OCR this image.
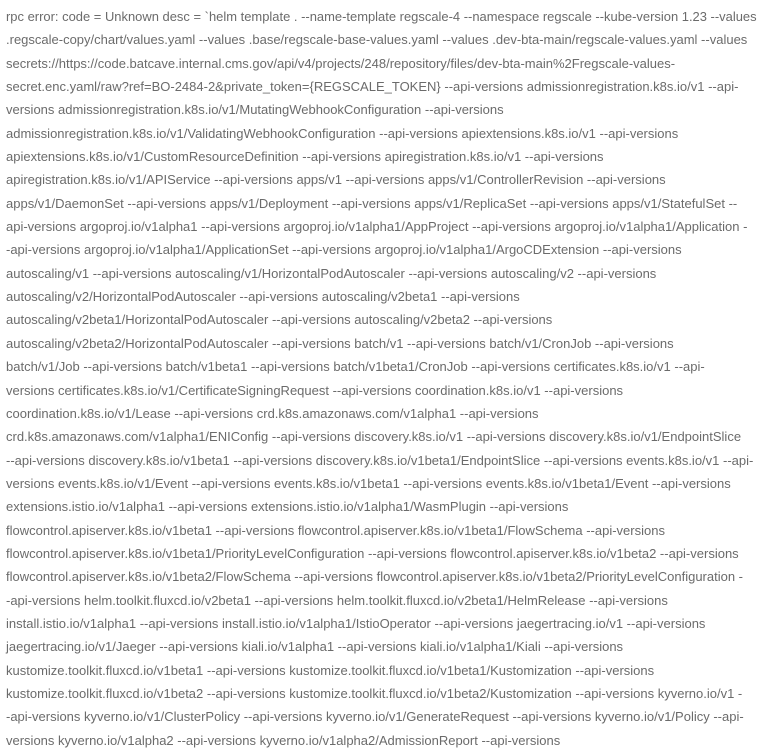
rpc error: code = Unknown desc = `helm template . --name-template regscale-4 --namespace regscale --kube-version 1.23 --values
.regscale-copy/chart/values.yaml --values .base/regscale-base-values.yaml --values .dev-bta-main/regscale-values.yaml --values
secrets://https://code.batcave.internal.cms.gov/api/v4/projects/248/repository/files/dev-bta-main%2Fregscale-values-
secret.enc.yaml/raw?ref=BO-2484-2&private_token={REGSCALE_TOKEN} --api-versions admissionregistration.k8s.io/v1 --api-
versions admissionregistration.k8s.io/v1/MutatingWebhookConfiguration --api-versions
admissionregistration.k8s.io/v1/ValidatingWebhookConfiguration --api-versions apiextensions.k8s.io/v1 --api-versions
apiextensions.k8s.io/v1/CustomResourceDefinition --api-versions apiregistration.k8s.io/v1 --api-versions
apiregistration.k8s.io/v1/APIService --api-versions apps/v1 --api-versions apps/v1/ControllerRevision --api-versions
apps/v1/DaemonSet --api-versions apps/v1/Deployment --api-versions apps/v1/ReplicaSet --api-versions apps/v1/StatefulSet --
api-versions argoproj.io/v1alpha1 --api-versions argoproj.io/v1alpha1/AppProject --api-versions argoproj.io/v1alpha1/Application -
-api-versions argoproj.io/v1alpha1/ApplicationSet --api-versions argoproj.io/v1alpha1/ArgoCDExtension --api-versions
autoscaling/v1 --api-versions autoscaling/v1/HorizontalPodAutoscaler --api-versions autoscaling/v2 --api-versions
autoscaling/v2/HorizontalPodAutoscaler --api-versions autoscaling/v2beta1 --api-versions
autoscaling/v2beta1/HorizontalPodAutoscaler --api-versions autoscaling/v2beta2 --api-versions
autoscaling/v2beta2/HorizontalPodAutoscaler --api-versions batch/v1 --api-versions batch/v1/CronJob --api-versions
batch/v1/Job --api-versions batch/v1beta1 --api-versions batch/v1beta1/CronJob --api-versions certificates.k8s.io/v1 --api-
versions certificates.k8s.io/v1/CertificateSigningRequest --api-versions coordination.k8s.io/v1 --api-versions
coordination.k8s.io/v1/Lease --api-versions crd.k8s.amazonaws.com/v1alpha1 --api-versions
crd.k8s.amazonaws.com/v1alpha1/ENIConfig --api-versions discovery.k8s.io/v1 --api-versions discovery.k8s.io/v1/EndpointSlice
--api-versions discovery.k8s.io/v1beta1 --api-versions discovery.k8s.io/v1beta1/EndpointSlice --api-versions events.k8s.io/v1 --api-
versions events.k8s.io/v1/Event --api-versions events.k8s.io/v1beta1 --api-versions events.k8s.io/v1beta1/Event --api-versions
extensions.istio.io/v1alpha1 --api-versions extensions.istio.io/v1alpha1/WasmPlugin --api-versions
flowcontrol.apiserver.k8s.io/v1beta1 --api-versions flowcontrol.apiserver.k8s.io/v1beta1/FlowSchema --api-versions
flowcontrol.apiserver.k8s.io/v1beta1/PriorityLevelConfiguration --api-versions flowcontrol.apiserver.k8s.io/v1beta2 --api-versions
flowcontrol.apiserver.k8s.io/v1beta2/FlowSchema --api-versions flowcontrol.apiserver.k8s.io/v1beta2/PriorityLevelConfiguration -
-api-versions helm.toolkit.fluxcd.io/v2beta1 --api-versions helm.toolkit.fluxcd.io/v2beta1/HelmRelease --api-versions
install.istio.io/v1alpha1 --api-versions install.istio.io/v1alpha1/IstioOperator --api-versions jaegertracing.io/v1 --api-versions
jaegertracing.io/v1/Jaeger --api-versions kiali.io/v1alpha1 --api-versions kiali.io/v1alpha1/Kiali --api-versions
kustomize.toolkit.fluxcd.io/v1beta1 --api-versions kustomize.toolkit.fluxcd.io/v1beta1/Kustomization --api-versions
kustomize.toolkit.fluxcd.io/v1beta2 --api-versions kustomize.toolkit.fluxcd.io/v1beta2/Kustomization --api-versions kyverno.io/v1 -
-api-versions kyverno.io/v1/ClusterPolicy --api-versions kyverno.io/v1/GenerateRequest --api-versions kyverno.io/v1/Policy --api-
versions kyverno.io/v1alpha2 --api-versions kyverno.io/v1alpha2/AdmissionReport --api-versions
